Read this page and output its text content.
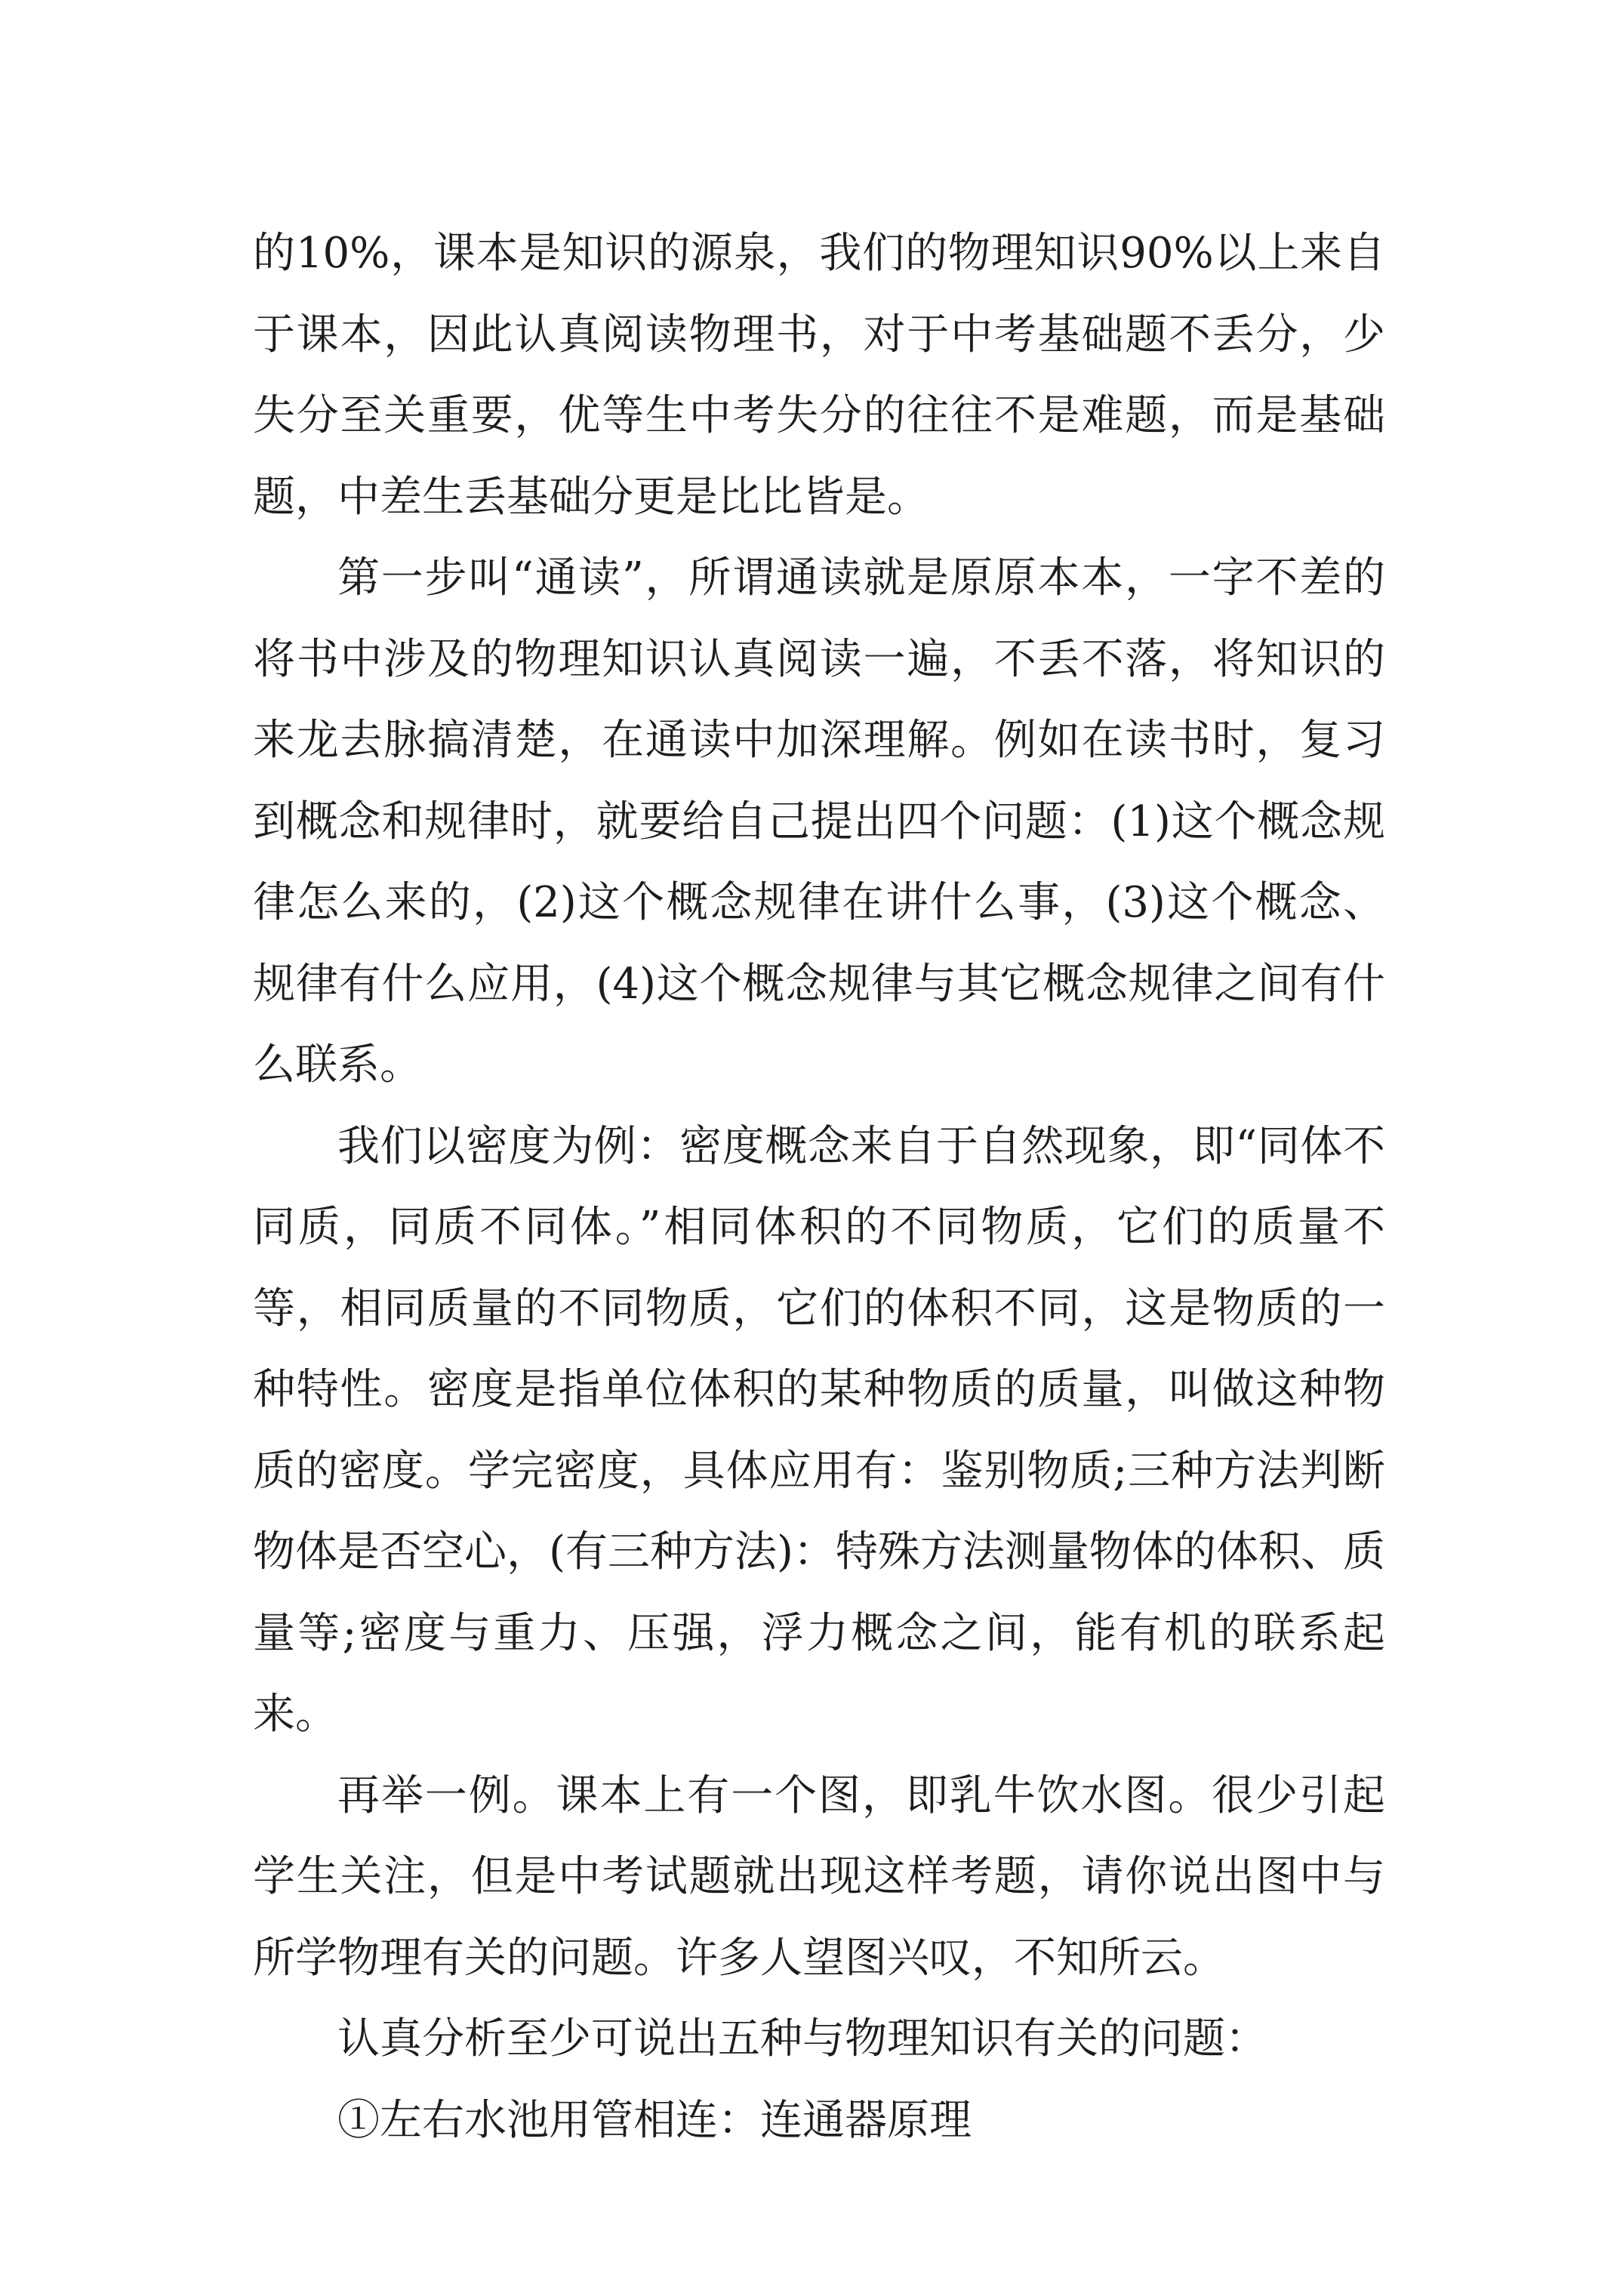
的10%，课本是知识的源泉，我们的物理知识90%以上来自于课本，因此认真阅读物理书，对于中考基础题不丢分，少失分至关重要，优等生中考失分的往往不是难题，而是基础题，中差生丢基础分更是比比皆是。

第一步叫“通读”，所谓通读就是原原本本，一字不差的将书中涉及的物理知识认真阅读一遍，不丢不落，将知识的来龙去脉搞清楚，在通读中加深理解。例如在读书时，复习到概念和规律时，就要给自己提出四个问题：(1)这个概念规律怎么来的，(2)这个概念规律在讲什么事，(3)这个概念、规律有什么应用，(4)这个概念规律与其它概念规律之间有什么联系。

我们以密度为例：密度概念来自于自然现象，即“同体不同质，同质不同体。”相同体积的不同物质，它们的质量不等，相同质量的不同物质，它们的体积不同，这是物质的一种特性。密度是指单位体积的某种物质的质量，叫做这种物质的密度。学完密度，具体应用有：鉴别物质;三种方法判断物体是否空心，(有三种方法)：特殊方法测量物体的体积、质量等;密度与重力、压强，浮力概念之间，能有机的联系起来。

再举一例。课本上有一个图，即乳牛饮水图。很少引起学生关注，但是中考试题就出现这样考题，请你说出图中与所学物理有关的问题。许多人望图兴叹，不知所云。

认真分析至少可说出五种与物理知识有关的问题：

①左右水池用管相连：连通器原理
